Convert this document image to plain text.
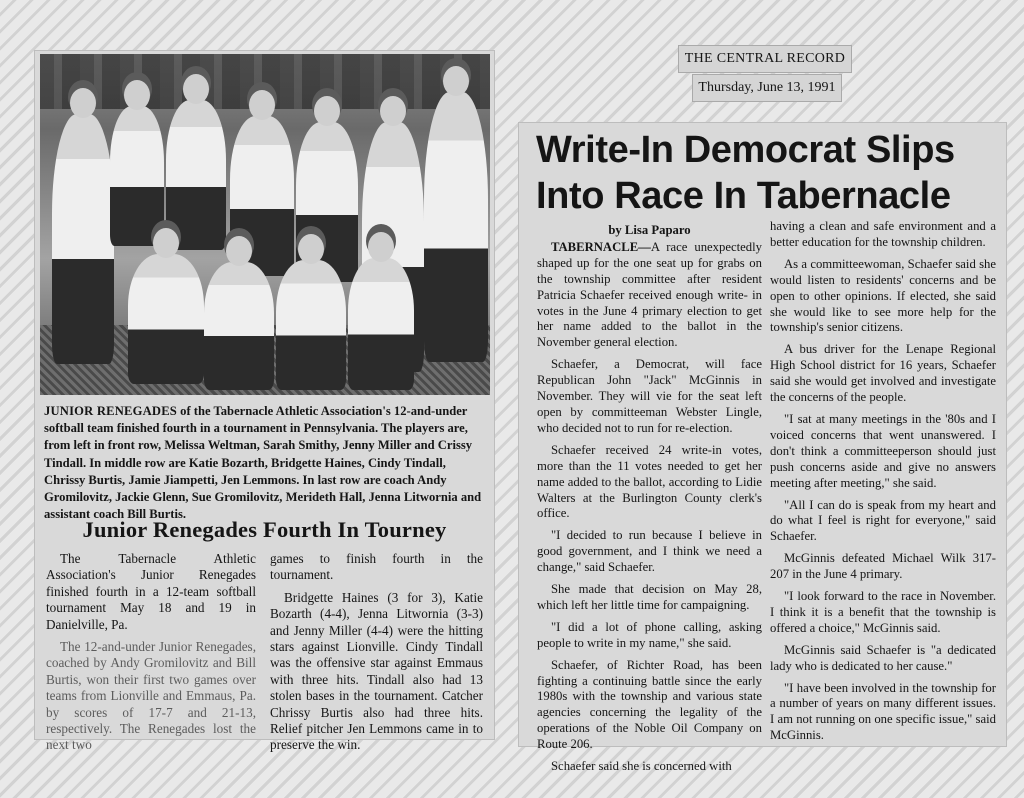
THE CENTRAL RECORD
Thursday, June 13, 1991
JUNIOR RENEGADES of the Tabernacle Athletic Association's 12-and-under softball team finished fourth in a tournament in Pennsylvania. The players are, from left in front row, Melissa Weltman, Sarah Smithy, Jenny Miller and Crissy Tindall. In middle row are Katie Bozarth, Bridgette Haines, Cindy Tindall, Chrissy Burtis, Jamie Jiampetti, Jen Lemmons. In last row are coach Andy Gromilovitz, Jackie Glenn, Sue Gromilovitz, Merideth Hall, Jenna Litwornia and assistant coach Bill Burtis.
Junior Renegades Fourth In Tourney

The Tabernacle Athletic Association's Junior Renegades finished fourth in a 12-team softball tournament May 18 and 19 in Danielville, Pa.

The 12-and-under Junior Renegades, coached by Andy Gromilovitz and Bill Burtis, won their first two games over teams from Lionville and Emmaus, Pa. by scores of 17-7 and 21-13, respectively. The Renegades lost the next two

games to finish fourth in the tournament.

Bridgette Haines (3 for 3), Katie Bozarth (4-4), Jenna Litwornia (3-3) and Jenny Miller (4-4) were the hitting stars against Lionville. Cindy Tindall was the offensive star against Emmaus with three hits. Tindall also had 13 stolen bases in the tournament. Catcher Chrissy Burtis also had three hits. Relief pitcher Jen Lemmons came in to preserve the win.

Write-In Democrat Slips Into Race In Tabernacle

by Lisa Paparo

TABERNACLE—A race unexpectedly shaped up for the one seat up for grabs on the township committee after resident Patricia Schaefer received enough write- in votes in the June 4 primary election to get her name added to the ballot in the November general election.

Schaefer, a Democrat, will face Republican John "Jack" McGinnis in November. They will vie for the seat left open by committeeman Webster Lingle, who decided not to run for re-election.

Schaefer received 24 write-in votes, more than the 11 votes needed to get her name added to the ballot, according to Lidie Walters at the Burlington County clerk's office.

"I decided to run because I believe in good government, and I think we need a change," said Schaefer.

She made that decision on May 28, which left her little time for campaigning.

"I did a lot of phone calling, asking people to write in my name," she said.

Schaefer, of Richter Road, has been fighting a continuing battle since the early 1980s with the township and various state agencies concerning the legality of the operations of the Noble Oil Company on Route 206.

Schaefer said she is concerned with

having a clean and safe environment and a better education for the township children.

As a committeewoman, Schaefer said she would listen to residents' concerns and be open to other opinions. If elected, she said she would like to see more help for the township's senior citizens.

A bus driver for the Lenape Regional High School district for 16 years, Schaefer said she would get involved and investigate the concerns of the people.

"I sat at many meetings in the '80s and I voiced concerns that went unanswered. I don't think a committeeperson should just push concerns aside and give no answers meeting after meeting," she said.

"All I can do is speak from my heart and do what I feel is right for everyone," said Schaefer.

McGinnis defeated Michael Wilk 317-207 in the June 4 primary.

"I look forward to the race in November. I think it is a benefit that the township is offered a choice," McGinnis said.

McGinnis said Schaefer is "a dedicated lady who is dedicated to her cause."

"I have been involved in the township for a number of years on many different issues. I am not running on one specific issue," said McGinnis.
